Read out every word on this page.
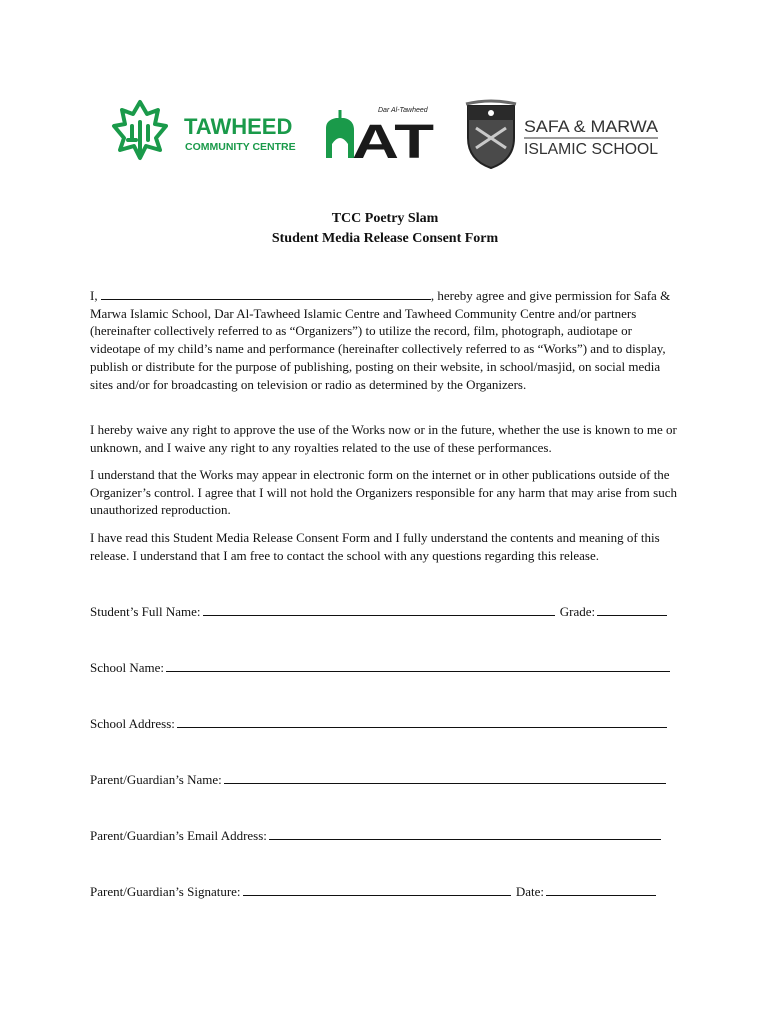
TAWHEED
COMMUNITY CENTRE
Dar Al-Tawheed
AT	SAFA & MARWA
ISLAMIC SCHOOL
TCC Poetry Slam
Student Media Release Consent Form

I,	, hereby agree and give permission for Safa & Marwa Islamic School, Dar Al-Tawheed Islamic Centre and Tawheed Community Centre and/or partners (hereinafter collectively referred to as “Organizers”) to utilize the record, film, photograph, audiotape or videotape of my child’s name and performance (hereinafter collectively referred to as “Works”) and to display, publish or distribute for the purpose of publishing, posting on their website, in school/masjid, on social media sites and/or for broadcasting on television or radio as determined by the Organizers.

I hereby waive any right to approve the use of the Works now or in the future, whether the use is known to me or unknown, and I waive any right to any royalties related to the use of these performances.

I understand that the Works may appear in electronic form on the internet or in other publications outside of the Organizer’s control. I agree that I will not hold the Organizers responsible for any harm that may arise from such unauthorized reproduction.

I have read this Student Media Release Consent Form and I fully understand the contents and meaning of this release. I understand that I am free to contact the school with any questions regarding this release.

Student’s Full Name:	Grade:
School Name:
School Address:
Parent/Guardian’s Name:
Parent/Guardian’s Email Address:
Parent/Guardian’s Signature:	Date:
